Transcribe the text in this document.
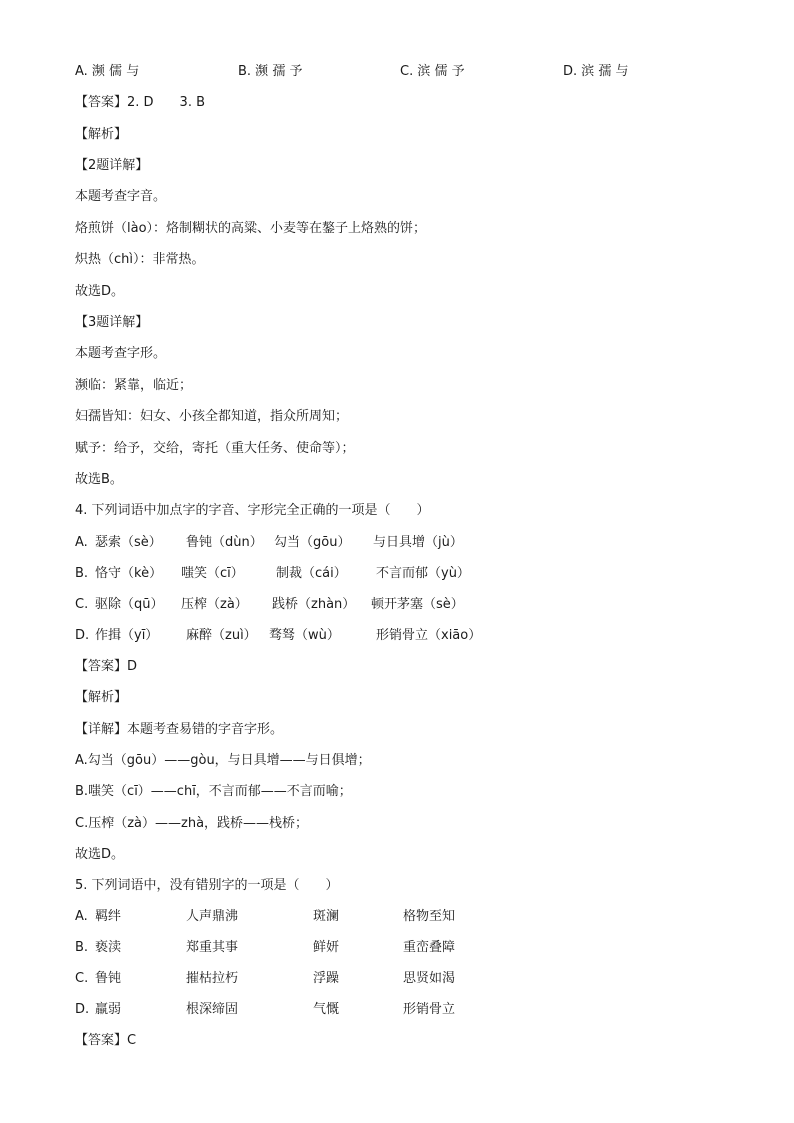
A. 濒 儒 与	B. 濒 孺 予	C. 滨 儒 予	D. 滨 孺 与
【答案】2. D　　3. B
【解析】
【2题详解】
本题考查字音。
烙煎饼（lào）：烙制糊状的高粱、小麦等在鏊子上烙熟的饼；
炽热（chì）：非常热。
故选D。
【3题详解】
本题考查字形。
濒临：紧靠，临近；
妇孺皆知：妇女、小孩全都知道，指众所周知；
赋予：给予，交给，寄托（重大任务、使命等）；
故选B。
4. 下列词语中加点字的字音、字形完全正确的一项是（　　）
A. 瑟索（sè） 鲁钝（dùn） 勾当（gōu） 与日具增（jù）
B. 恪守（kè） 嗤笑（cī） 制裁（cái） 不言而郁（yù）
C. 驱除（qū） 压榨（zà） 践桥（zhàn） 顿开茅塞（sè）
D. 作揖（yī） 麻醉（zuì） 骛驽（wù）	形销骨立（xiāo）
【答案】D
【解析】
【详解】本题考查易错的字音字形。
A.勾当（gōu）——gòu，与日具增——与日俱增；
B.嗤笑（cī）——chī，不言而郁——不言而喻；
C.压榨（zà）——zhà，践桥——栈桥；
故选D。
5. 下列词语中，没有错别字的一项是（　　）
A. 羁绊	人声鼎沸	斑澜	格物至知
B. 亵渎	郑重其事	鲜妍	重峦叠障
C. 鲁钝	摧枯拉朽	浮躁	思贤如渴
D. 羸弱	根深缔固	气慨	形销骨立
【答案】C
